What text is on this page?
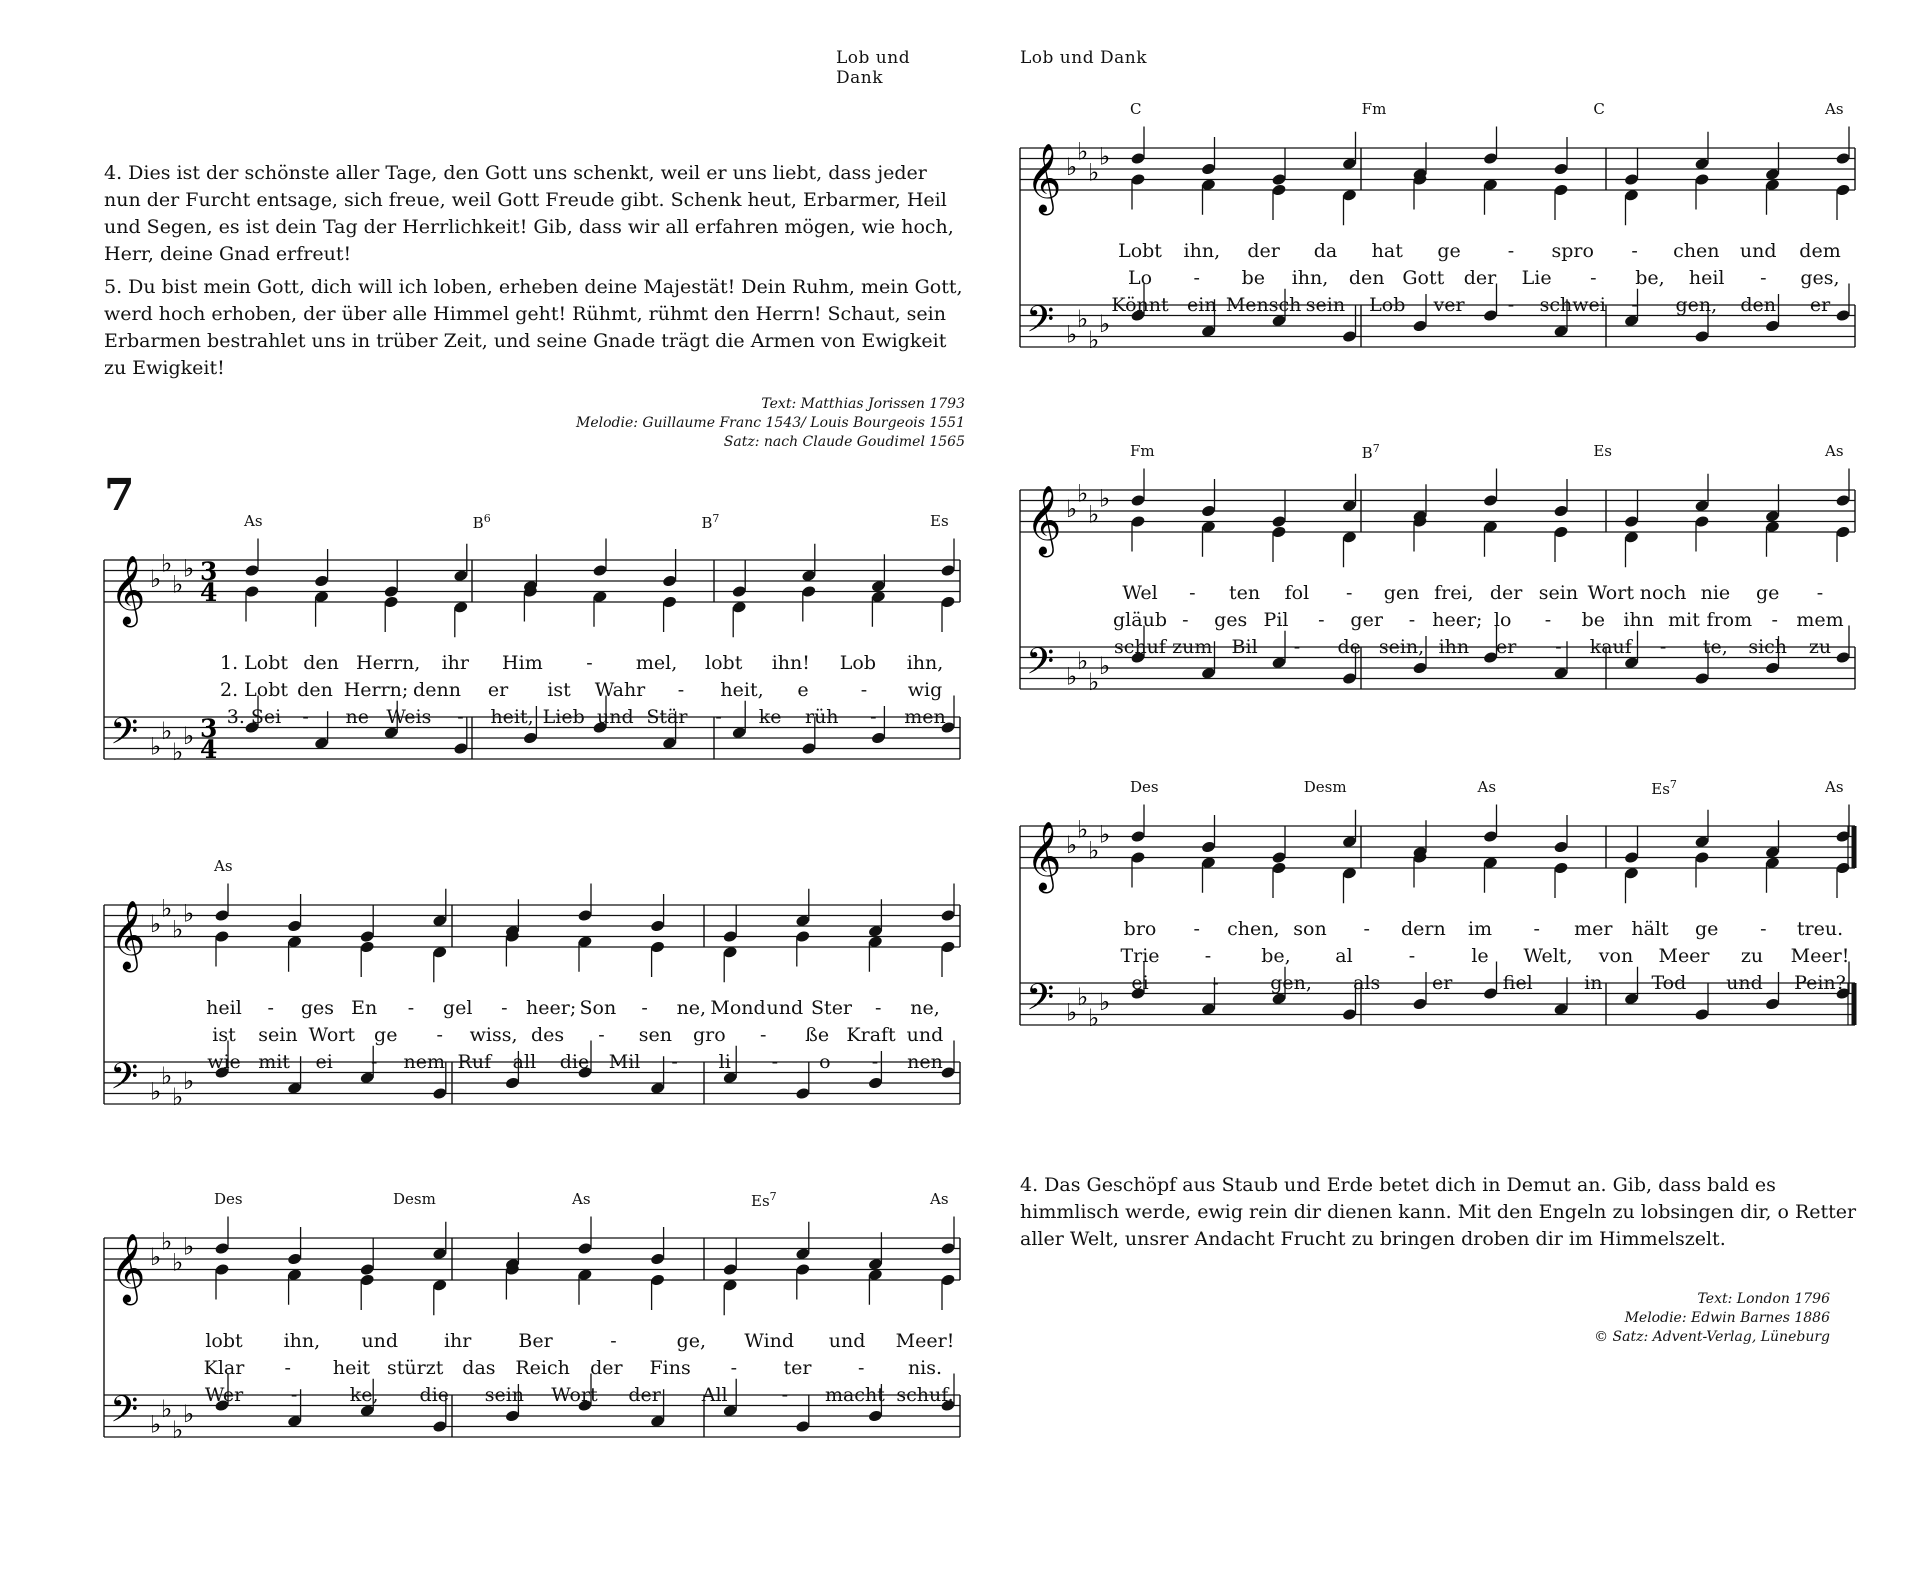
Lob und Dank

4. Dies ist der schönste aller Tage, den Gott uns schenkt, weil er uns liebt, dass jeder nun der Furcht entsage, sich freue, weil Gott Freude gibt. Schenk heut, Erbarmer, Heil und Segen, es ist dein Tag der Herrlichkeit! Gib, dass wir all erfahren mögen, wie hoch, Herr, deine Gnad erfreut!

5. Du bist mein Gott, dich will ich loben, erheben deine Majestät! Dein Ruhm, mein Gott, werd hoch erhoben, der über alle Himmel geht! Rühmt, rühmt den Herrn! Schaut, sein Erbarmen bestrahlet uns in trüber Zeit, und seine Gnade trägt die Armen von Ewigkeit zu Ewigkeit!

Text: Matthias Jorissen 1793
Melodie: Guillaume Franc 1543/ Louis Bourgeois 1551
Satz: nach Claude Goudimel 1565
7
𝄞 ♭
♭
♭
♭ 3
4
𝄢 ♭
♭
♭
♭ 3
4
As	$B^6$	$B^7$	Es
1. Lobt den Herrn, ihr Him - mel, lobt ihn! Lob ihn,
2. Lobt den Herrn; denn er ist Wahr - heit, e	- wig
3. Sei - ne Weis - heit, Lieb und Stär - ke rüh - men
𝄞 ♭
♭
♭
♭
𝄢 ♭
♭
♭
♭
As
heil - ges En - gel - heer; Son - ne, Mond und Ster - ne,
ist sein Wort ge - wiss, des - sen gro - ße Kraft und
wie mit ei - nem Ruf all die Mil - li - o - nen
𝄞 ♭
♭
♭
♭
𝄢 ♭
♭
♭
♭
Des	Desm	As	Es$^7$	As
lobt ihn, und ihr Ber	-	ge, Wind und Meer!
Klar - heit stürzt das Reich der Fins - ter - nis.
Wer	-	ke, die sein Wort der All	- macht schuf.
Lob und Dank
𝄞 ♭
♭
♭
♭
𝄢 ♭
♭
♭
♭
C	Fm	C	As
Lobt ihn, der da hat ge - spro - chen und dem
Lo - be ihn, den Gott der Lie - be, heil - ges,
Könnt ein Mensch sein Lob ver - schwei - gen, den er
𝄞 ♭
♭
♭
♭
𝄢 ♭
♭
♭
♭
Fm	$B^7$	Es	As
Wel - ten fol - gen frei, der sein Wort noch nie ge -
gläub - ges Pil - ger - heer; lo - be ihn mit from - mem
schuf zum Bil - de sein, ihn er - kauf - te, sich zu
𝄞 ♭
♭
♭
♭
𝄢 ♭
♭
♭
♭
Des	Desm	As	Es$^7$	As
bro - chen, son - dern im - mer hält ge - treu.
Trie -	be, al	-	le Welt, von Meer zu Meer!
ei	-	gen, als	er	fiel	in	Tod und Pein?
4. Das Geschöpf aus Staub und Erde betet dich in Demut an. Gib, dass bald es himmlisch werde, ewig rein dir dienen kann. Mit den Engeln zu lobsingen dir, o Retter aller Welt, unsrer Andacht Frucht zu bringen droben dir im Himmelszelt.
Text: London 1796
Melodie: Edwin Barnes 1886
© Satz: Advent-Verlag, Lüneburg
